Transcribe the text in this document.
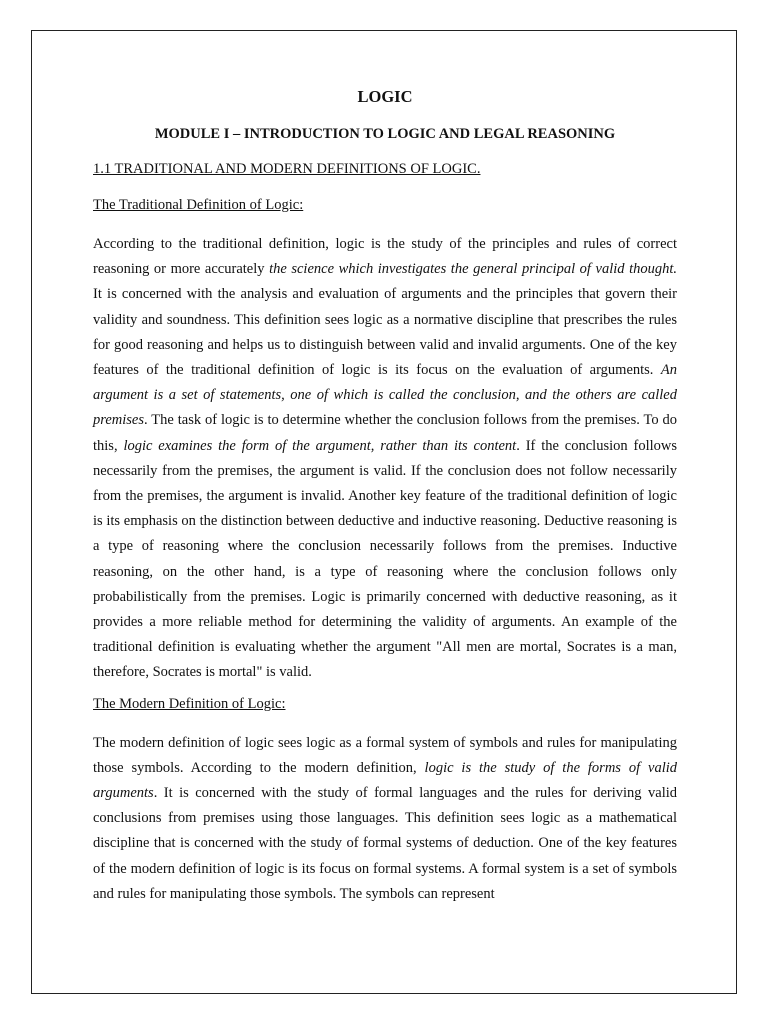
LOGIC
MODULE I – INTRODUCTION TO LOGIC AND LEGAL REASONING
1.1 TRADITIONAL AND MODERN DEFINITIONS OF LOGIC.
The Traditional Definition of Logic:

According to the traditional definition, logic is the study of the principles and rules of correct reasoning or more accurately the science which investigates the general principal of valid thought. It is concerned with the analysis and evaluation of arguments and the principles that govern their validity and soundness. This definition sees logic as a normative discipline that prescribes the rules for good reasoning and helps us to distinguish between valid and invalid arguments. One of the key features of the traditional definition of logic is its focus on the evaluation of arguments. An argument is a set of statements, one of which is called the conclusion, and the others are called premises. The task of logic is to determine whether the conclusion follows from the premises. To do this, logic examines the form of the argument, rather than its content. If the conclusion follows necessarily from the premises, the argument is valid. If the conclusion does not follow necessarily from the premises, the argument is invalid. Another key feature of the traditional definition of logic is its emphasis on the distinction between deductive and inductive reasoning. Deductive reasoning is a type of reasoning where the conclusion necessarily follows from the premises. Inductive reasoning, on the other hand, is a type of reasoning where the conclusion follows only probabilistically from the premises. Logic is primarily concerned with deductive reasoning, as it provides a more reliable method for determining the validity of arguments. An example of the traditional definition is evaluating whether the argument "All men are mortal, Socrates is a man, therefore, Socrates is mortal" is valid.

The Modern Definition of Logic:

The modern definition of logic sees logic as a formal system of symbols and rules for manipulating those symbols. According to the modern definition, logic is the study of the forms of valid arguments. It is concerned with the study of formal languages and the rules for deriving valid conclusions from premises using those languages. This definition sees logic as a mathematical discipline that is concerned with the study of formal systems of deduction. One of the key features of the modern definition of logic is its focus on formal systems. A formal system is a set of symbols and rules for manipulating those symbols. The symbols can represent
